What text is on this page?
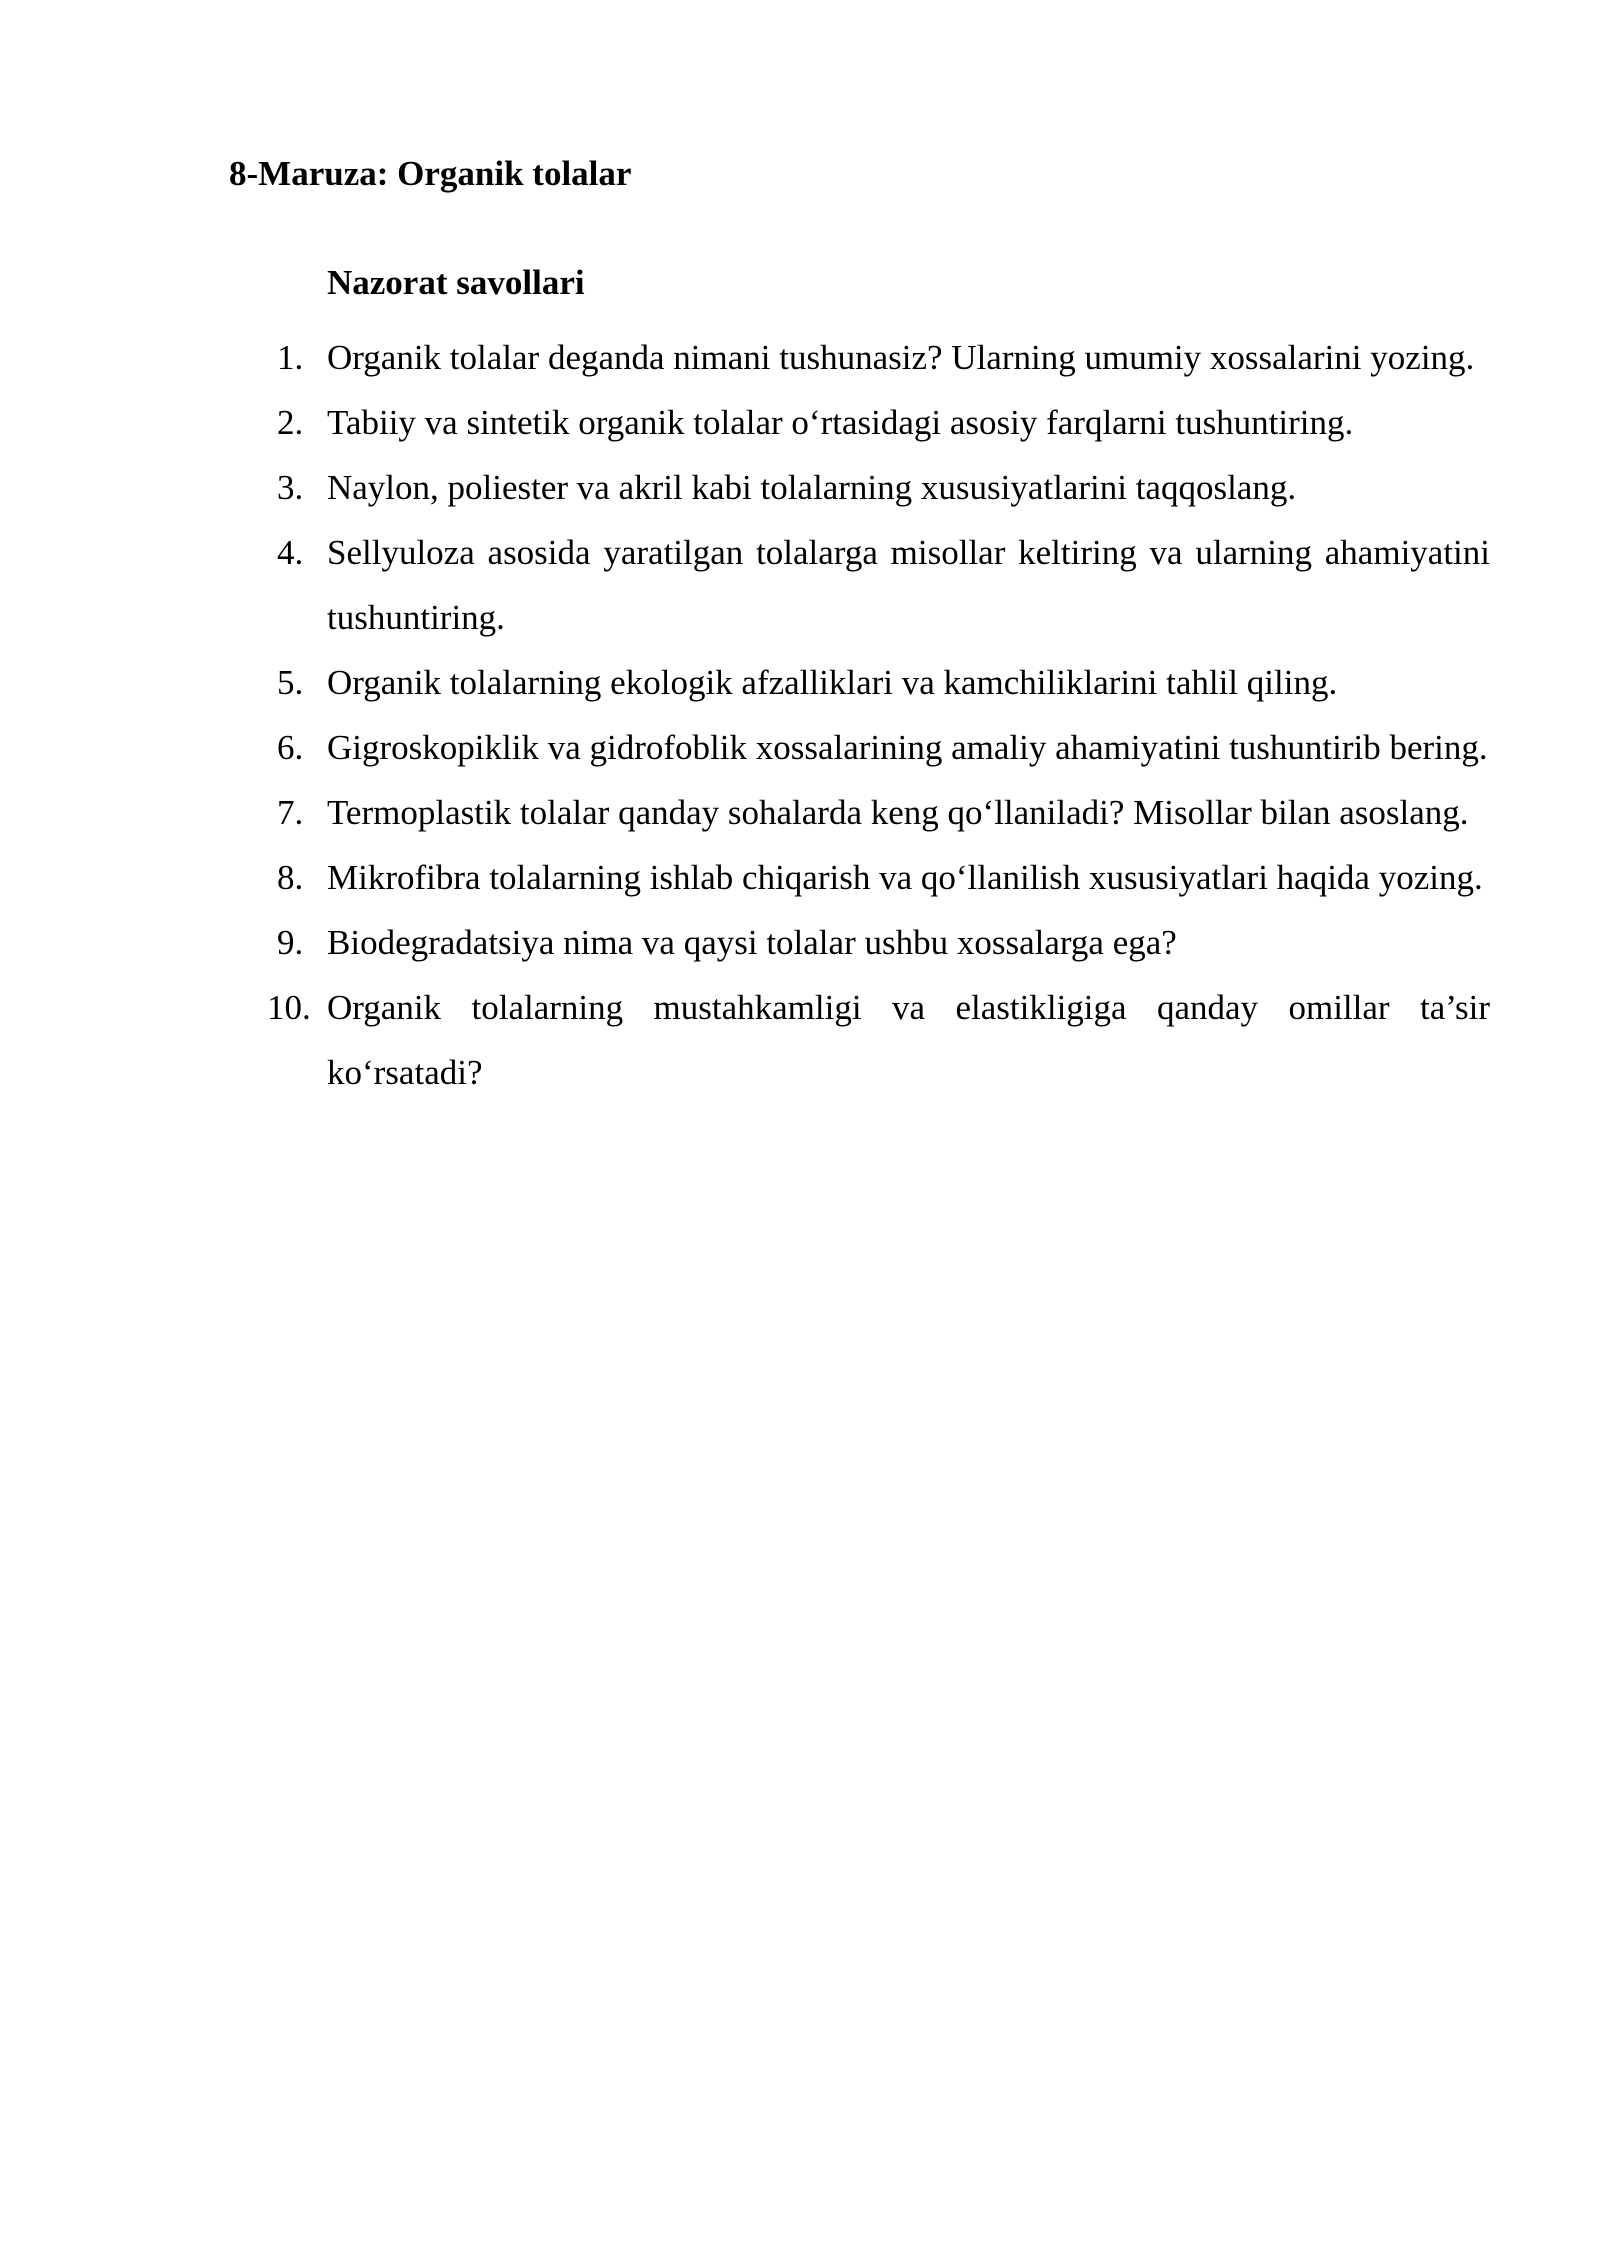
8-Maruza: Organik tolalar
Nazorat savollari
1. Organik tolalar deganda nimani tushunasiz? Ularning umumiy xossalarini yozing.
2. Tabiiy va sintetik organik tolalar o‘rtasidagi asosiy farqlarni tushuntiring.
3. Naylon, poliester va akril kabi tolalarning xususiyatlarini taqqoslang.
4. Sellyuloza asosida yaratilgan tolalarga misollar keltiring va ularning ahamiyatini tushuntiring.
5. Organik tolalarning ekologik afzalliklari va kamchiliklarini tahlil qiling.
6. Gigroskopiklik va gidrofoblik xossalarining amaliy ahamiyatini tushuntirib bering.
7. Termoplastik tolalar qanday sohalarda keng qo‘llaniladi? Misollar bilan asoslang.
8. Mikrofibra tolalarning ishlab chiqarish va qo‘llanilish xususiyatlari haqida yozing.
9. Biodegradatsiya nima va qaysi tolalar ushbu xossalarga ega?
10. Organik tolalarning mustahkamligi va elastikligiga qanday omillar ta’sir ko‘rsatadi?
